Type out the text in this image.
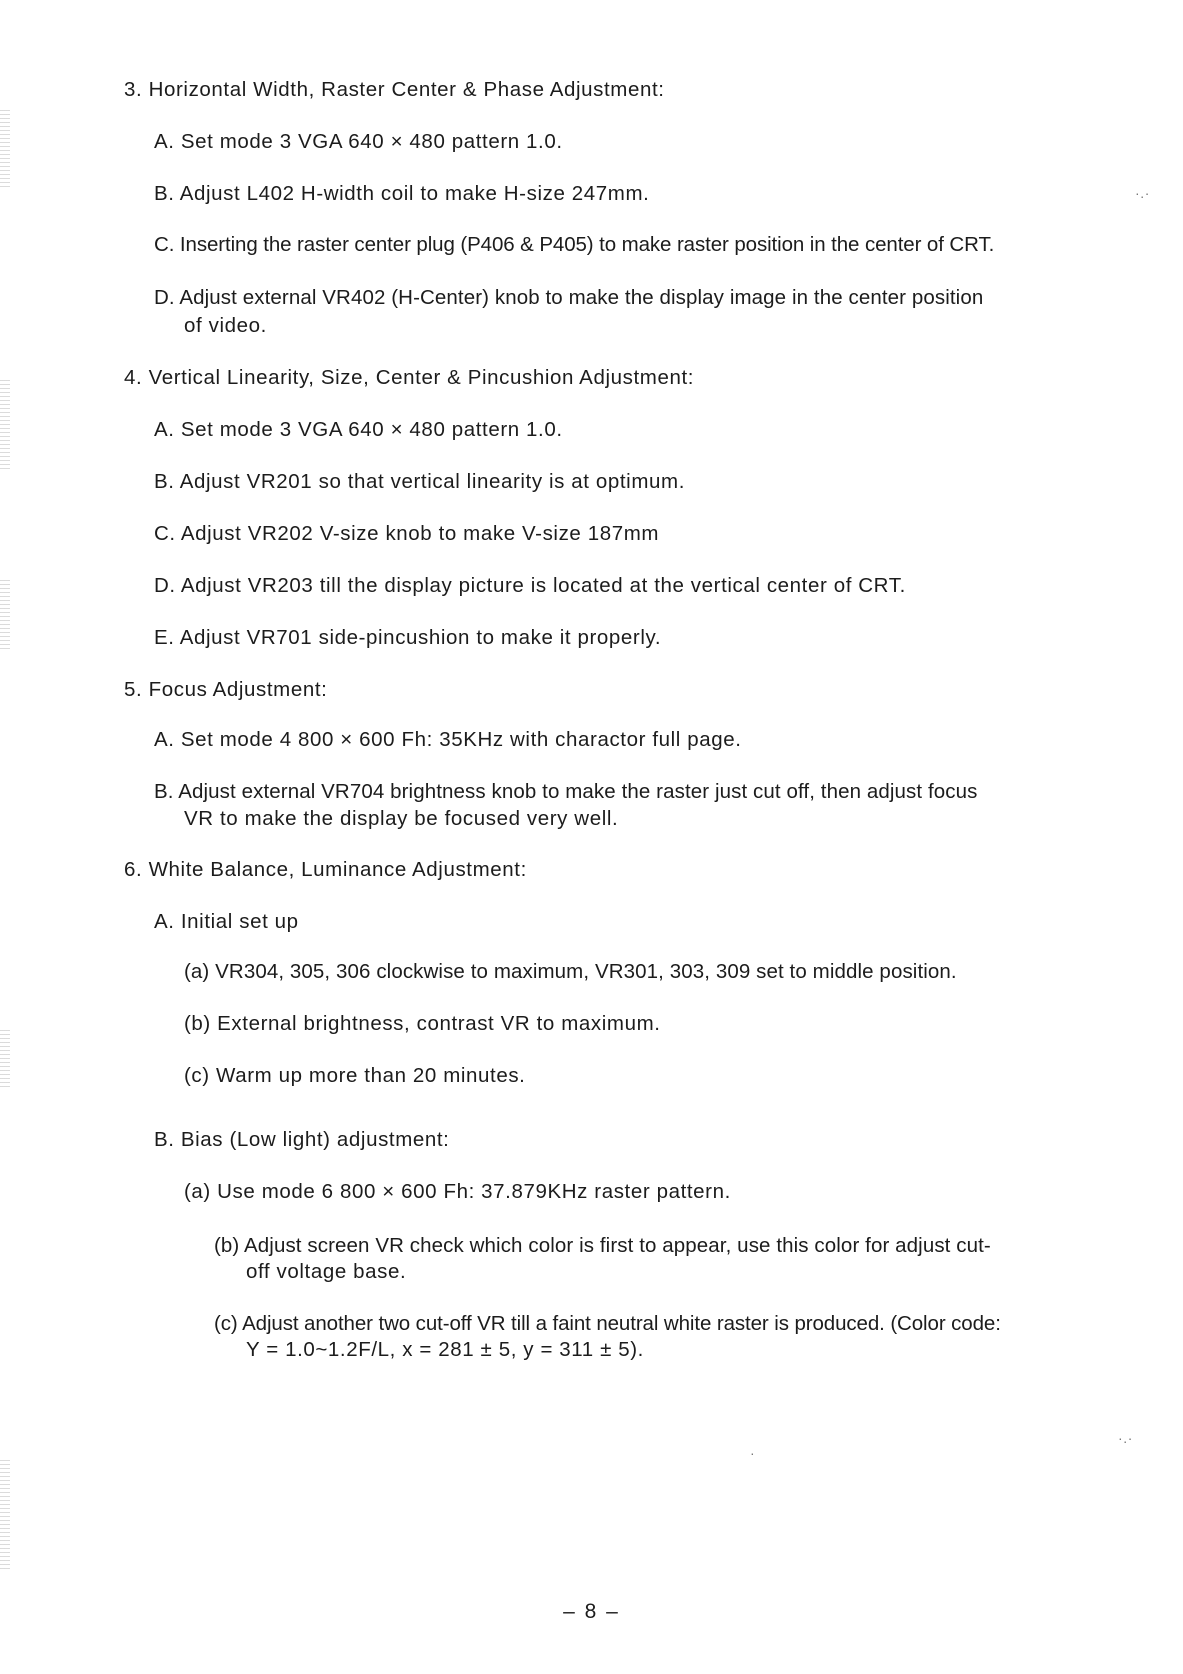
·.·
·.·
·
3. Horizontal Width, Raster Center & Phase Adjustment:
A. Set mode 3 VGA 640 × 480 pattern 1.0.
B. Adjust L402 H-width coil to make H-size 247mm.
C. Inserting the raster center plug (P406 & P405) to make raster position in the center of CRT.
D. Adjust external VR402 (H-Center) knob to make the display image in the center position
of video.
4. Vertical Linearity, Size, Center & Pincushion Adjustment:
A. Set mode 3 VGA 640 × 480 pattern 1.0.
B. Adjust VR201 so that vertical linearity is at optimum.
C. Adjust VR202 V-size knob to make V-size 187mm
D. Adjust VR203 till the display picture is located at the vertical center of CRT.
E. Adjust VR701 side-pincushion to make it properly.
5. Focus Adjustment:
A. Set mode 4 800 × 600 Fh: 35KHz with charactor full page.
B. Adjust external VR704 brightness knob to make the raster just cut off, then adjust focus
VR to make the display be focused very well.
6. White Balance, Luminance Adjustment:
A. Initial set up
(a) VR304, 305, 306 clockwise to maximum, VR301, 303, 309 set to middle position.
(b) External brightness, contrast VR to maximum.
(c) Warm up more than 20 minutes.
B. Bias (Low light) adjustment:
(a) Use mode 6 800 × 600 Fh: 37.879KHz raster pattern.
(b) Adjust screen VR check which color is first to appear, use this color for adjust cut-
off voltage base.
(c) Adjust another two cut-off VR till a faint neutral white raster is produced. (Color code:
Y = 1.0~1.2F/L, x = 281 ± 5, y = 311 ± 5).
– 8 –
